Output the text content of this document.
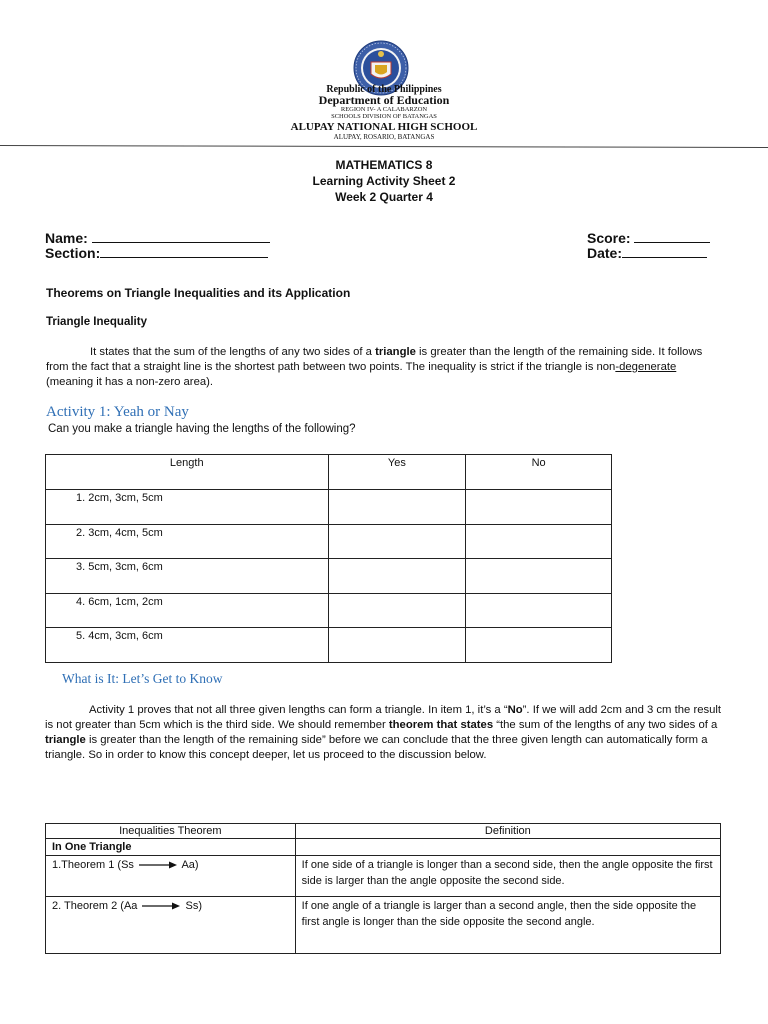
Republic of the Philippines
Department of Education
REGION IV- A CALABARZON
SCHOOLS DIVISION OF BATANGAS
ALUPAY NATIONAL HIGH SCHOOL
ALUPAY, ROSARIO, BATANGAS
MATHEMATICS 8
Learning Activity Sheet 2
Week 2 Quarter 4
Name:
Section:
Score:
Date:
Theorems on Triangle Inequalities and its Application
Triangle Inequality
It states that the sum of the lengths of any two sides of a triangle is greater than the length of the remaining side. It follows from the fact that a straight line is the shortest path between two points. The inequality is strict if the triangle is non-degenerate (meaning it has a non-zero area).
Activity 1: Yeah or Nay
Can you make a triangle having the lengths of the following?
Length	Yes	No
1. 2cm, 3cm, 5cm		
2. 3cm, 4cm, 5cm		
3. 5cm, 3cm, 6cm		
4. 6cm, 1cm, 2cm		
5. 4cm, 3cm, 6cm		
What is It: Let’s Get to Know
Activity 1 proves that not all three given lengths can form a triangle. In item 1, it’s a “No”. If we will add 2cm and 3 cm the result is not greater than 5cm which is the third side. We should remember theorem that states “the sum of the lengths of any two sides of a triangle is greater than the length of the remaining side” before we can conclude that the three given length can automatically form a triangle. So in order to know this concept deeper, let us proceed to the discussion below.
Inequalities Theorem	Definition
In One Triangle	
1.Theorem 1 (Ss Aa)	If one side of a triangle is longer than a second side, then the angle opposite the first side is larger than the angle opposite the second side.
2. Theorem 2 (Aa Ss)	If one angle of a triangle is larger than a second angle, then the side opposite the first angle is longer than the side opposite the second angle.
